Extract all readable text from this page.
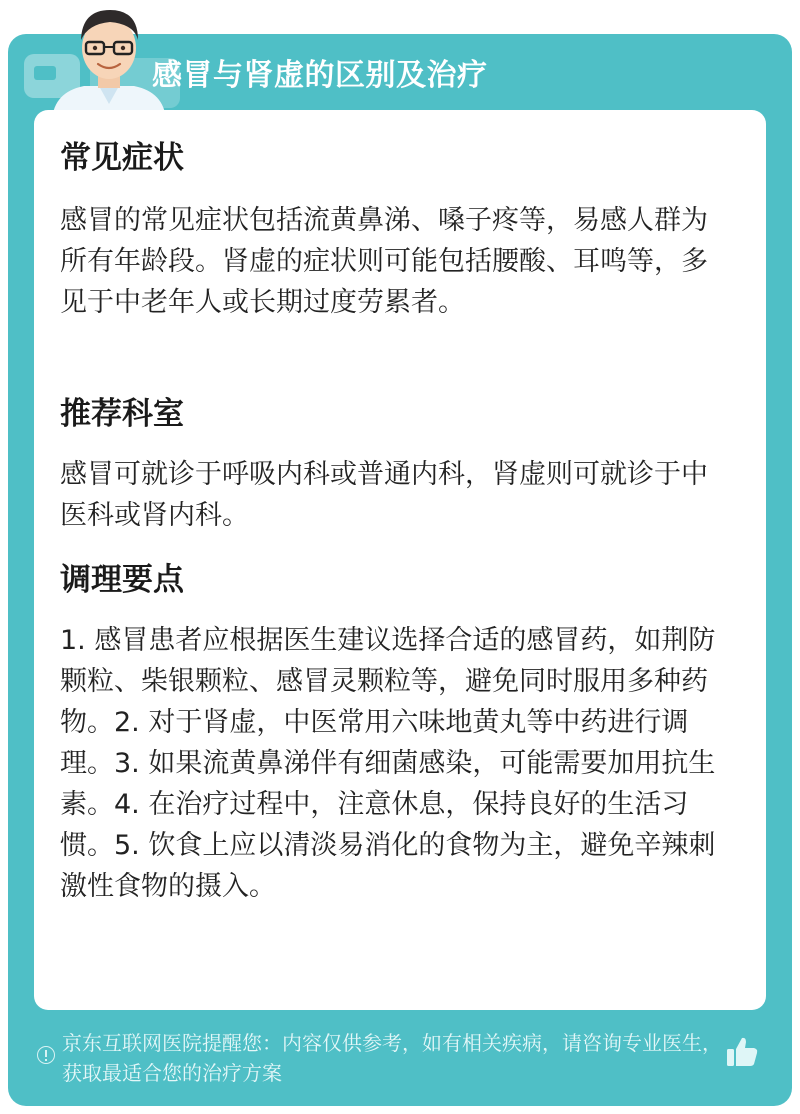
感冒与肾虚的区别及治疗
常见症状

感冒的常见症状包括流黄鼻涕、嗓子疼等，易感人群为所有年龄段。肾虚的症状则可能包括腰酸、耳鸣等，多见于中老年人或长期过度劳累者。

推荐科室

感冒可就诊于呼吸内科或普通内科，肾虚则可就诊于中医科或肾内科。

调理要点

1. 感冒患者应根据医生建议选择合适的感冒药，如荆防颗粒、柴银颗粒、感冒灵颗粒等，避免同时服用多种药物。2. 对于肾虚，中医常用六味地黄丸等中药进行调理。3. 如果流黄鼻涕伴有细菌感染，可能需要加用抗生素。4. 在治疗过程中，注意休息，保持良好的生活习惯。5. 饮食上应以清淡易消化的食物为主，避免辛辣刺激性食物的摄入。

京东互联网医院提醒您：内容仅供参考，如有相关疾病，请咨询专业医生，获取最适合您的治疗方案
